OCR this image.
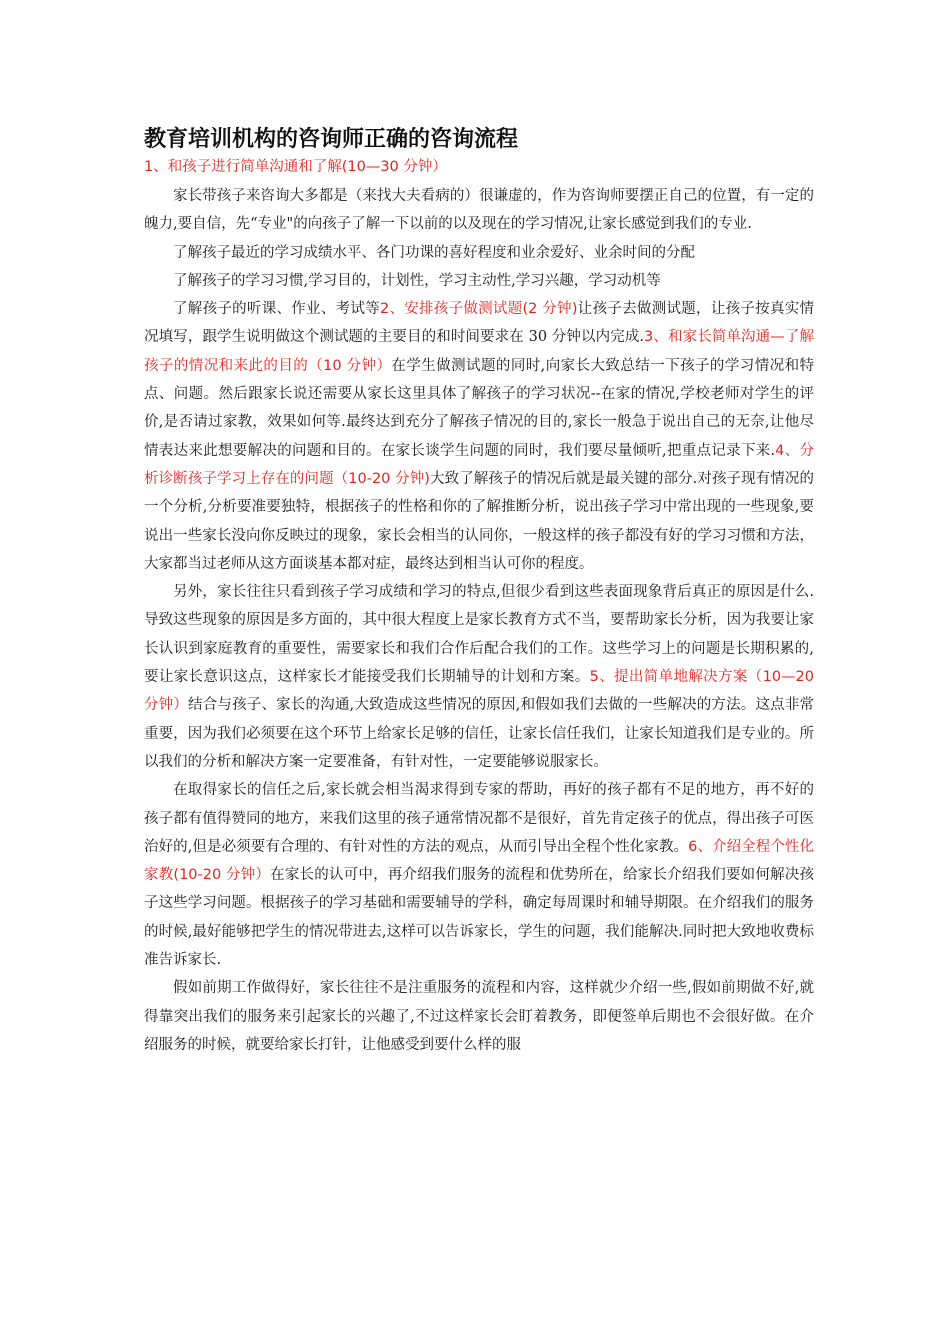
教育培训机构的咨询师正确的咨询流程
1、和孩子进行简单沟通和了解(10—30 分钟）

家长带孩子来咨询大多都是（来找大夫看病的）很谦虚的，作为咨询师要摆正自己的位置，有一定的魄力,要自信，先“专业"的向孩子了解一下以前的以及现在的学习情况,让家长感觉到我们的专业.

了解孩子最近的学习成绩水平、各门功课的喜好程度和业余爱好、业余时间的分配

了解孩子的学习习惯,学习目的，计划性，学习主动性,学习兴趣，学习动机等

了解孩子的听课、作业、考试等2、安排孩子做测试题(2 分钟)让孩子去做测试题，让孩子按真实情况填写，跟学生说明做这个测试题的主要目的和时间要求在 30 分钟以内完成.3、和家长简单沟通—了解孩子的情况和来此的目的（10 分钟）在学生做测试题的同时,向家长大致总结一下孩子的学习情况和特点、问题。然后跟家长说还需要从家长这里具体了解孩子的学习状况--在家的情况,学校老师对学生的评价,是否请过家教，效果如何等.最终达到充分了解孩子情况的目的,家长一般急于说出自己的无奈,让他尽情表达来此想要解决的问题和目的。在家长谈学生问题的同时，我们要尽量倾听,把重点记录下来.4、分析诊断孩子学习上存在的问题（10-20 分钟)大致了解孩子的情况后就是最关键的部分.对孩子现有情况的一个分析,分析要准要独特，根据孩子的性格和你的了解推断分析，说出孩子学习中常出现的一些现象,要说出一些家长没向你反映过的现象，家长会相当的认同你，一般这样的孩子都没有好的学习习惯和方法，大家都当过老师从这方面谈基本都对症，最终达到相当认可你的程度。

另外，家长往往只看到孩子学习成绩和学习的特点,但很少看到这些表面现象背后真正的原因是什么.导致这些现象的原因是多方面的，其中很大程度上是家长教育方式不当，要帮助家长分析，因为我要让家长认识到家庭教育的重要性，需要家长和我们合作后配合我们的工作。这些学习上的问题是长期积累的,要让家长意识这点，这样家长才能接受我们长期辅导的计划和方案。5、提出简单地解决方案（10—20 分钟）结合与孩子、家长的沟通,大致造成这些情况的原因,和假如我们去做的一些解决的方法。这点非常重要，因为我们必须要在这个环节上给家长足够的信任，让家长信任我们，让家长知道我们是专业的。所以我们的分析和解决方案一定要准备，有针对性，一定要能够说服家长。

在取得家长的信任之后,家长就会相当渴求得到专家的帮助，再好的孩子都有不足的地方，再不好的孩子都有值得赞同的地方，来我们这里的孩子通常情况都不是很好，首先肯定孩子的优点，得出孩子可医治好的,但是必须要有合理的、有针对性的方法的观点，从而引导出全程个性化家教。6、介绍全程个性化家教(10-20 分钟）在家长的认可中，再介绍我们服务的流程和优势所在，给家长介绍我们要如何解决孩子这些学习问题。根据孩子的学习基础和需要辅导的学科，确定每周课时和辅导期限。在介绍我们的服务的时候,最好能够把学生的情况带进去,这样可以告诉家长，学生的问题，我们能解决.同时把大致地收费标准告诉家长.

假如前期工作做得好，家长往往不是注重服务的流程和内容，这样就少介绍一些,假如前期做不好,就得靠突出我们的服务来引起家长的兴趣了,不过这样家长会盯着教务，即便签单后期也不会很好做。在介绍服务的时候，就要给家长打针，让他感受到要什么样的服
